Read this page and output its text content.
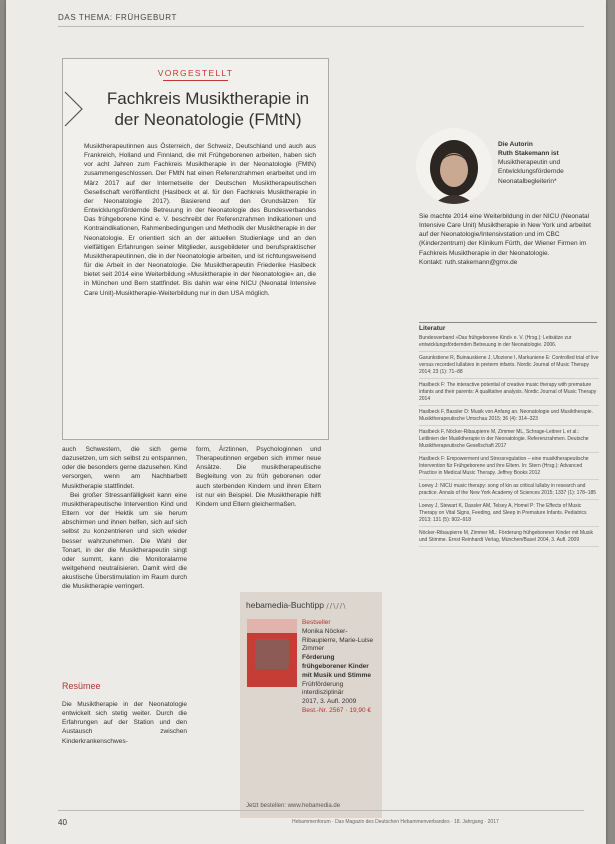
DAS THEMA: FRÜHGEBURT
VORGESTELLT
Fachkreis Musiktherapie in der Neonatologie (FMtN)

Musiktherapeutinnen aus Österreich, der Schweiz, Deutschland und auch aus Frankreich, Holland und Finnland, die mit Frühgeborenen arbeiten, haben sich vor acht Jahren zum Fachkreis Musiktherapie in der Neonatologie (FMtN) zusammengeschlossen. Der FMtN hat einen Referenzrahmen erarbeitet und im März 2017 auf der Internetseite der Deutschen Musiktherapeutischen Gesellschaft veröffentlicht (Haslbeck et al. für den Fachkreis Musiktherapie in der Neonatologie 2017). Basierend auf den Grundsätzen für Entwicklungsfördernde Betreuung in der Neonatologie des Bundesverbandes Das frühgeborene Kind e. V. beschreibt der Referenzrahmen Indikationen und Kontraindikationen, Rahmenbedingungen und Methodik der Musiktherapie in der Neonatologie. Er orientiert sich an der aktuellen Studienlage und an den vielfältigen Erfahrungen seiner Mitglieder, ausgebildeter und berufspraktischer Musiktherapeutinnen, die in der Neonatologie arbeiten, und ist richtungsweisend für die Arbeit in der Neonatologie. Die Musiktherapeutin Friederike Haslbeck bietet seit 2014 eine Weiterbildung »Musiktherapie in der Neonatologie« an, die in München und Bern stattfindet. Bis dahin war eine NICU (Neonatal Intensive Care Unit)-Musiktherapie-Weiterbildung nur in den USA möglich.

auch Schwestern, die sich gerne dazusetzen, um sich selbst zu entspannen, oder die besonders gerne dazusehen. Kind versorgen, wenn am Nachbarbett Musiktherapie stattfindet.

Bei großer Stressanfälligkeit kann eine musiktherapeutische Intervention Kind und Eltern vor der Hektik um sie herum abschirmen und ihnen helfen, sich auf sich selbst zu konzentrieren und sich wieder besser wahrzunehmen. Die Wahl der Tonart, in der die Musiktherapeutin singt oder summt, kann die Monitoralarme weitgehend neutralisieren. Damit wird die akustische Überstimulation im Raum durch die Musiktherapie verringert.

form, Ärztinnen, Psychologinnen und Therapeutinnen ergeben sich immer neue Ansätze. Die musiktherapeutische Begleitung von zu früh geborenen oder auch sterbenden Kindern und ihren Eltern ist nur ein Beispiel. Die Musiktherapie hilft Kindern und Eltern gleichermaßen.

Resümee

Die Musiktherapie in der Neonatologie entwickelt sich stetig weiter. Durch die Erfahrungen auf der Station und den Austausch zwischen Kinderkrankenschwes-

hebamedia-Buchtipp //\//\
Bestseller
Monika Nöcker-Ribaupierre, Marie-Luise Zimmer
Förderung frühgeborener Kinder mit Musik und Stimme
Frühförderung interdisziplinär
2017, 3. Aufl. 2009
Best.-Nr. 2567 · 19,90 €
Jetzt bestellen: www.hebamedia.de
Die Autorin
Ruth Stakemann ist
Musiktherapeutin und Entwicklungsfördernde Neonatalbegleiterin*
Sie machte 2014 eine Weiterbildung in der NICU (Neonatal Intensive Care Unit) Musiktherapie in New York und arbeitet auf der Neonatologie/Intensivstation und im CBC (Kinderzentrum) der Klinikum Fürth, der Wiener Firmen im Fachkreis Musiktherapie in der Neonatologie.
Kontakt: ruth.stakemann@gmx.de
Literatur
Bundesverband »Das frühgeborene Kind« e. V. (Hrsg.): Leitsätze zur entwicklungsfördernden Betreuung in der Neonatologie. 2006.
Garunkstiene R, Buinauskiene J, Uloziene I, Markuniene E: Controlled trial of live versus recorded lullabies in preterm infants. Nordic Journal of Music Therapy 2014; 23 (1): 71–88
Haslbeck F: The interactive potential of creative music therapy with premature infants and their parents: A qualitative analysis. Nordic Journal of Music Therapy 2014
Haslbeck F, Bassler D: Musik von Anfang an. Neonatologie und Musiktherapie. Musiktherapeutische Umschau 2015; 36 (4): 314–323
Haslbeck F, Nöcker-Ribaupierre M, Zimmer ML, Schrage-Leitner L et al.: Leitlinien der Musiktherapie in der Neonatologie. Referenzrahmen. Deutsche Musiktherapeutische Gesellschaft 2017
Haslbeck F: Empowerment und Stressregulation – eine musiktherapeutische Intervention für Frühgeborene und ihre Eltern. In: Stern (Hrsg.): Advanced Practice in Medical Music Therapy. Jeffrey Books 2012
Loewy J: NICU music therapy: song of kin as critical lullaby in research and practice. Annals of the New York Academy of Sciences 2015; 1337 (1): 178–185
Loewy J, Stewart K, Dassler AM, Telsey A, Homel P: The Effects of Music Therapy on Vital Signs, Feeding, and Sleep in Premature Infants. Pediatrics 2013; 131 (5): 902–918
Nöcker-Ribaupierre M, Zimmer ML: Förderung frühgeborener Kinder mit Musik und Stimme. Ernst Reinhardt Verlag, München/Basel 2004, 3. Aufl. 2009
40	Hebammenforum · Das Magazin des Deutschen Hebammenverbandes · 18. Jahrgang · 2017
